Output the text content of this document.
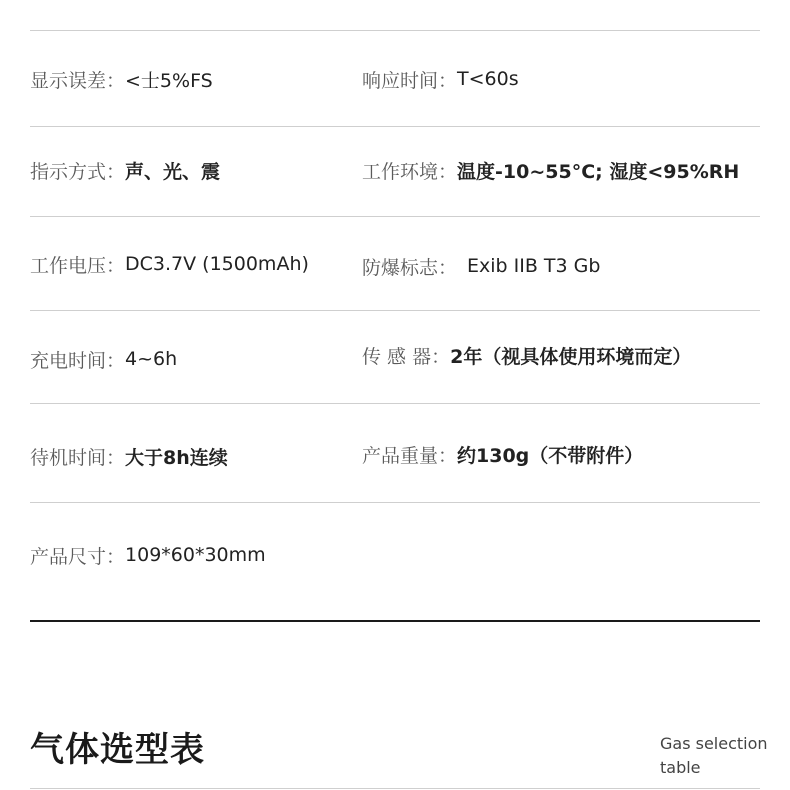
显示误差： <士5%FS	响应时间： T<60s
指示方式： 声、光、震	工作环境： 温度-10~55°C; 湿度<95%RH
工作电压： DC3.7V (1500mAh)	防爆标志： Exib IIB T3 Gb
充电时间： 4~6h	传 感 器： 2年（视具体使用环境而定）
待机时间： 大于8h连续	产品重量： 约130g（不带附件）
产品尺寸： 109*60*30mm
气体选型表	Gas selection table
